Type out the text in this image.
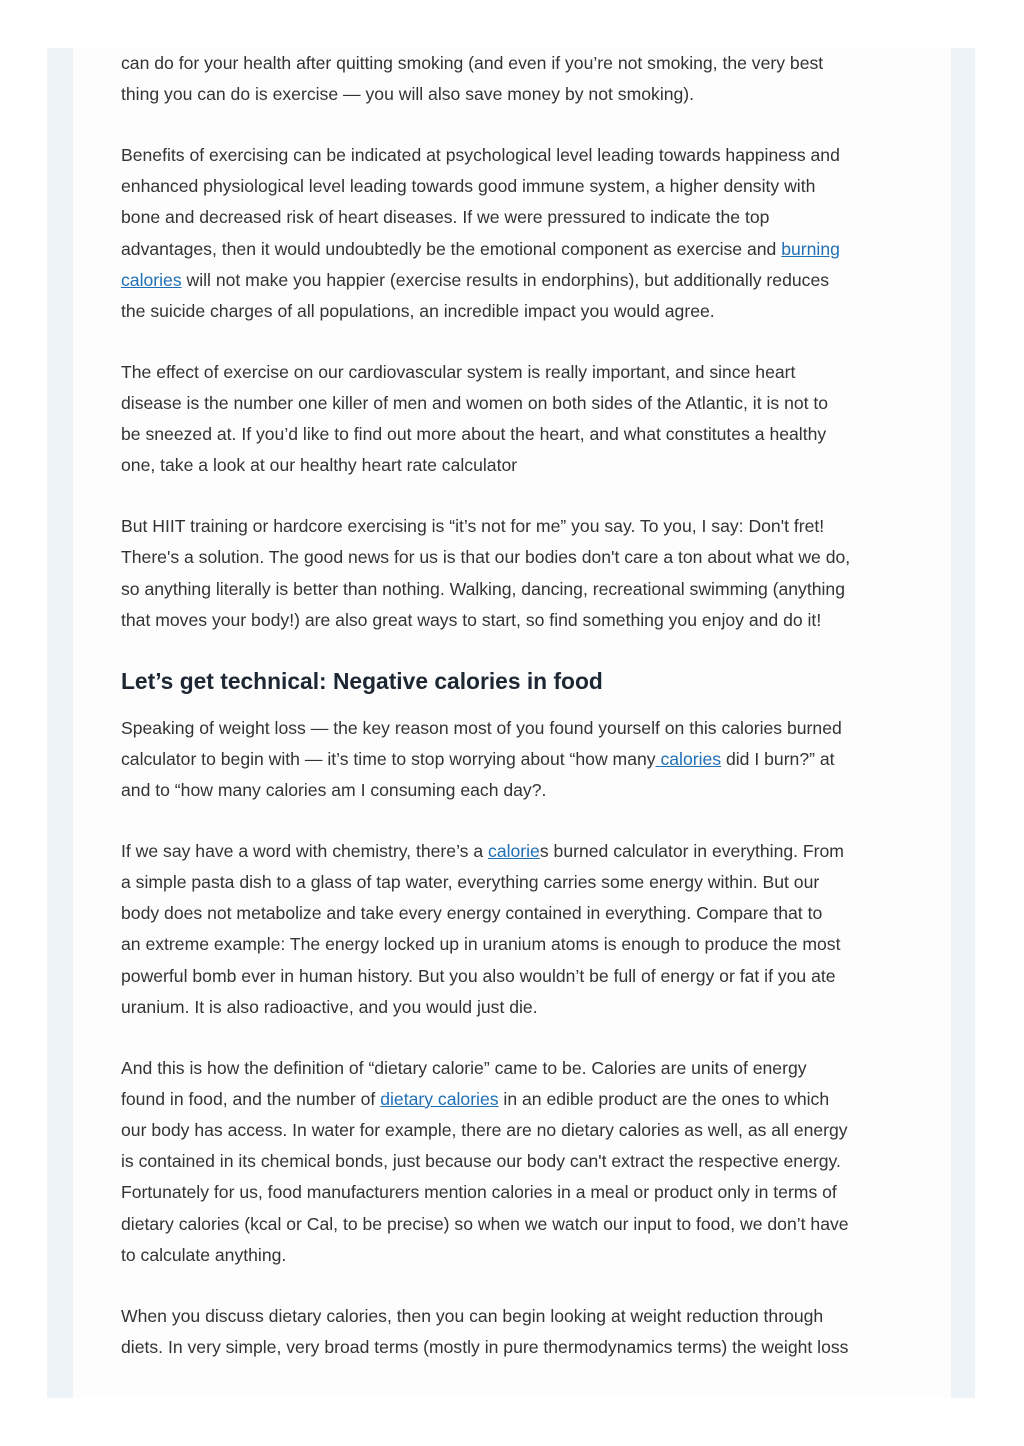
can do for your health after quitting smoking (and even if you’re not smoking, the very best
thing you can do is exercise — you will also save money by not smoking).

Benefits of exercising can be indicated at psychological level leading towards happiness and
enhanced physiological level leading towards good immune system, a higher density with
bone and decreased risk of heart diseases. If we were pressured to indicate the top
advantages, then it would undoubtedly be the emotional component as exercise and burning
calories will not make you happier (exercise results in endorphins), but additionally reduces
the suicide charges of all populations, an incredible impact you would agree.

The effect of exercise on our cardiovascular system is really important, and since heart
disease is the number one killer of men and women on both sides of the Atlantic, it is not to
be sneezed at. If you’d like to find out more about the heart, and what constitutes a healthy
one, take a look at our healthy heart rate calculator

But HIIT training or hardcore exercising is “it’s not for me” you say. To you, I say: Don't fret!
There's a solution. The good news for us is that our bodies don't care a ton about what we do,
so anything literally is better than nothing. Walking, dancing, recreational swimming (anything
that moves your body!) are also great ways to start, so find something you enjoy and do it!

Let’s get technical: Negative calories in food

Speaking of weight loss — the key reason most of you found yourself on this calories burned
calculator to begin with — it’s time to stop worrying about “how many calories did I burn?” at
and to “how many calories am I consuming each day?.

If we say have a word with chemistry, there’s a calories burned calculator in everything. From
a simple pasta dish to a glass of tap water, everything carries some energy within. But our
body does not metabolize and take every energy contained in everything. Compare that to
an extreme example: The energy locked up in uranium atoms is enough to produce the most
powerful bomb ever in human history. But you also wouldn’t be full of energy or fat if you ate
uranium. It is also radioactive, and you would just die.

And this is how the definition of “dietary calorie” came to be. Calories are units of energy
found in food, and the number of dietary calories in an edible product are the ones to which
our body has access. In water for example, there are no dietary calories as well, as all energy
is contained in its chemical bonds, just because our body can't extract the respective energy.
Fortunately for us, food manufacturers mention calories in a meal or product only in terms of
dietary calories (kcal or Cal, to be precise) so when we watch our input to food, we don’t have
to calculate anything.

When you discuss dietary calories, then you can begin looking at weight reduction through
diets. In very simple, very broad terms (mostly in pure thermodynamics terms) the weight loss
